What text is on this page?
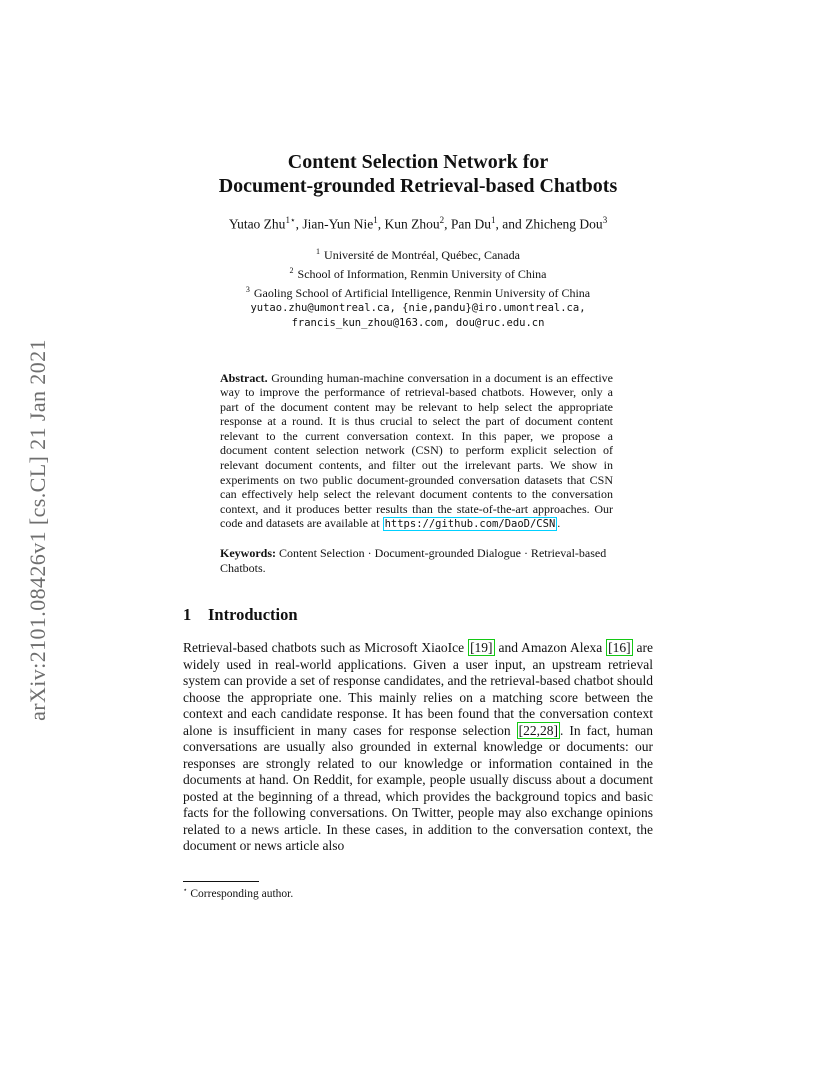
arXiv:2101.08426v1 [cs.CL] 21 Jan 2021
Content Selection Network for
Document-grounded Retrieval-based Chatbots
Yutao Zhu$^{1⋆}$, Jian-Yun Nie$^1$, Kun Zhou$^2$, Pan Du$^1$, and Zhicheng Dou$^3$
$^1$ Université de Montréal, Québec, Canada
$^2$ School of Information, Renmin University of China
$^3$ Gaoling School of Artificial Intelligence, Renmin University of China
yutao.zhu@umontreal.ca, {nie,pandu}@iro.umontreal.ca,
francis_kun_zhou@163.com, dou@ruc.edu.cn
Abstract. Grounding human-machine conversation in a document is an effective way to improve the performance of retrieval-based chatbots. However, only a part of the document content may be relevant to help select the appropriate response at a round. It is thus crucial to select the part of document content relevant to the current conversation context. In this paper, we propose a document content selection network (CSN) to perform explicit selection of relevant document contents, and filter out the irrelevant parts. We show in experiments on two public document-grounded conversation datasets that CSN can effectively help select the relevant document contents to the conversation context, and it produces better results than the state-of-the-art approaches. Our code and datasets are available at https://github.com/DaoD/CSN .
Keywords: Content Selection · Document-grounded Dialogue · Retrieval-based Chatbots.
1	Introduction
Retrieval-based chatbots such as Microsoft XiaoIce [19] and Amazon Alexa [16] are widely used in real-world applications. Given a user input, an upstream retrieval system can provide a set of response candidates, and the retrieval-based chatbot should choose the appropriate one. This mainly relies on a matching score between the context and each candidate response. It has been found that the conversation context alone is insufficient in many cases for response selection [22,28] . In fact, human conversations are usually also grounded in external knowledge or documents: our responses are strongly related to our knowledge or information contained in the documents at hand. On Reddit, for example, people usually discuss about a document posted at the beginning of a thread, which provides the background topics and basic facts for the following conversations. On Twitter, people may also exchange opinions related to a news article. In these cases, in addition to the conversation context, the document or news article also
⋆ Corresponding author.
